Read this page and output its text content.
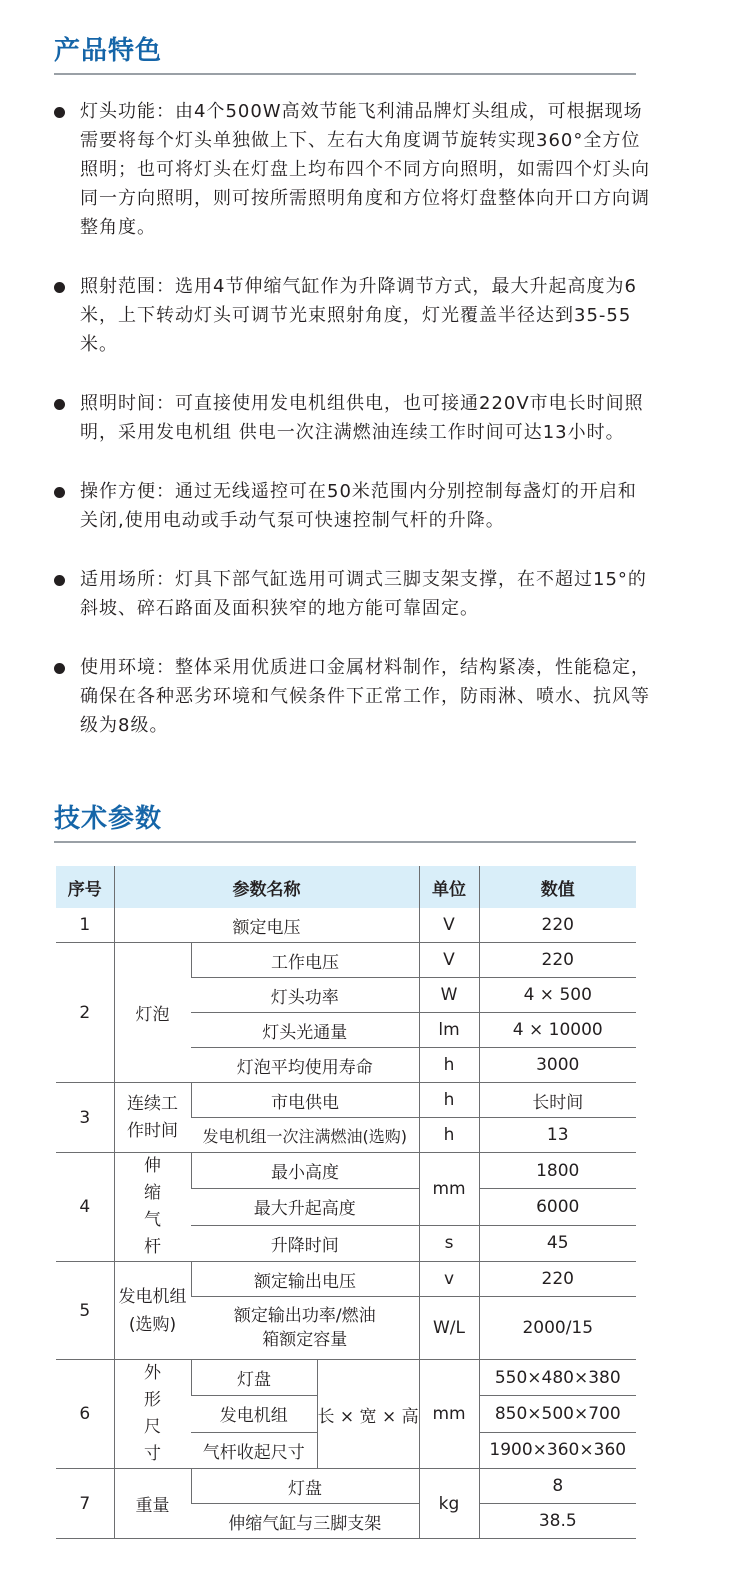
产品特色
灯头功能：由4个500W高效节能飞利浦品牌灯头组成，可根据现场需要将每个灯头单独做上下、左右大角度调节旋转实现360°全方位照明；也可将灯头在灯盘上均布四个不同方向照明，如需四个灯头向同一方向照明，则可按所需照明角度和方位将灯盘整体向开口方向调整角度。
照射范围：选用4节伸缩气缸作为升降调节方式，最大升起高度为6米，上下转动灯头可调节光束照射角度，灯光覆盖半径达到35-55米。
照明时间：可直接使用发电机组供电，也可接通220V市电长时间照明，采用发电机组 供电一次注满燃油连续工作时间可达13小时。
操作方便：通过无线遥控可在50米范围内分别控制每盏灯的开启和关闭,使用电动或手动气泵可快速控制气杆的升降。
适用场所：灯具下部气缸选用可调式三脚支架支撑，在不超过15°的斜坡、碎石路面及面积狭窄的地方能可靠固定。
使用环境：整体采用优质进口金属材料制作，结构紧凑，性能稳定，确保在各种恶劣环境和气候条件下正常工作，防雨淋、喷水、抗风等级为8级。
技术参数
序号	参数名称			单位	数值
1	额定电压			V	220
2	灯泡	工作电压		V	220
		灯头功率		W	4 × 500
		灯头光通量		lm	4 × 10000
		灯泡平均使用寿命		h	3000
3	连续工作时间	市电供电		h	长时间
		发电机组一次注满燃油(选购)		h	13
4	伸缩气杆	最小高度		mm	1800
		最大升起高度			6000
		升降时间		s	45
5	发电机组(选购)	额定输出电压		v	220
		额定输出功率/燃油箱额定容量		W/L	2000/15
6	外形尺寸	灯盘	长 × 宽 × 高	mm	550×480×380
		发电机组			850×500×700
		气杆收起尺寸			1900×360×360
7	重量	灯盘		kg	8
		伸缩气缸与三脚支架			38.5
